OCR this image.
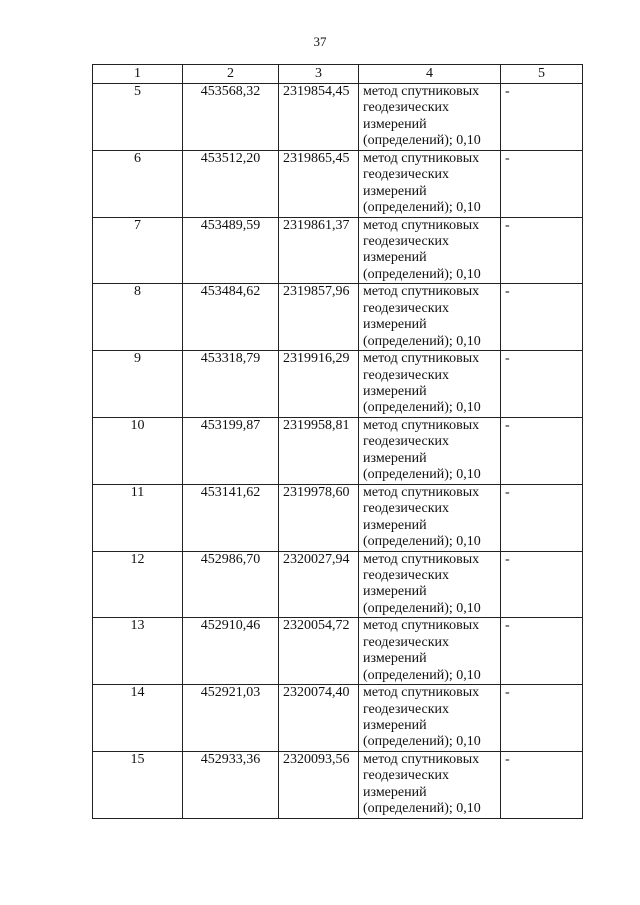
37
1	2	3	4	5
5	453568,32	2319854,45	метод спутниковых
геодезических
измерений
(определений); 0,10	-
6	453512,20	2319865,45	метод спутниковых
геодезических
измерений
(определений); 0,10	-
7	453489,59	2319861,37	метод спутниковых
геодезических
измерений
(определений); 0,10	-
8	453484,62	2319857,96	метод спутниковых
геодезических
измерений
(определений); 0,10	-
9	453318,79	2319916,29	метод спутниковых
геодезических
измерений
(определений); 0,10	-
10	453199,87	2319958,81	метод спутниковых
геодезических
измерений
(определений); 0,10	-
11	453141,62	2319978,60	метод спутниковых
геодезических
измерений
(определений); 0,10	-
12	452986,70	2320027,94	метод спутниковых
геодезических
измерений
(определений); 0,10	-
13	452910,46	2320054,72	метод спутниковых
геодезических
измерений
(определений); 0,10	-
14	452921,03	2320074,40	метод спутниковых
геодезических
измерений
(определений); 0,10	-
15	452933,36	2320093,56	метод спутниковых
геодезических
измерений
(определений); 0,10	-
